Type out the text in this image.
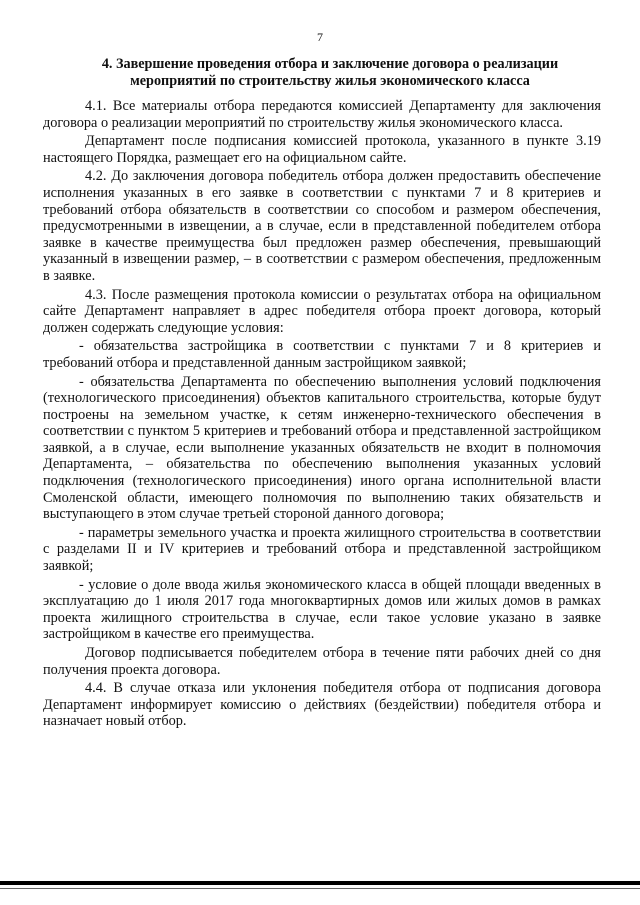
7
4. Завершение проведения отбора и заключение договора о реализации мероприятий по строительству жилья экономического класса

4.1. Все материалы отбора передаются комиссией Департаменту для заключения договора о реализации мероприятий по строительству жилья экономического класса.

Департамент после подписания комиссией протокола, указанного в пункте 3.19 настоящего Порядка, размещает его на официальном сайте.

4.2. До заключения договора победитель отбора должен предоставить обеспечение исполнения указанных в его заявке в соответствии с пунктами 7 и 8 критериев и требований отбора обязательств в соответствии со способом и размером обеспечения, предусмотренными в извещении, а в случае, если в представленной победителем отбора заявке в качестве преимущества был предложен размер обеспечения, превышающий указанный в извещении размер, – в соответствии с размером обеспечения, предложенным в заявке.

4.3. После размещения протокола комиссии о результатах отбора на официальном сайте Департамент направляет в адрес победителя отбора проект договора, который должен содержать следующие условия:

- обязательства застройщика в соответствии с пунктами 7 и 8 критериев и требований отбора и представленной данным застройщиком заявкой;

- обязательства Департамента по обеспечению выполнения условий подключения (технологического присоединения) объектов капитального строительства, которые будут построены на земельном участке, к сетям инженерно-технического обеспечения в соответствии с пунктом 5 критериев и требований отбора и представленной застройщиком заявкой, а в случае, если выполнение указанных обязательств не входит в полномочия Департамента, – обязательства по обеспечению выполнения указанных условий подключения (технологического присоединения) иного органа исполнительной власти Смоленской области, имеющего полномочия по выполнению таких обязательств и выступающего в этом случае третьей стороной данного договора;

- параметры земельного участка и проекта жилищного строительства в соответствии с разделами II и IV критериев и требований отбора и представленной застройщиком заявкой;

- условие о доле ввода жилья экономического класса в общей площади введенных в эксплуатацию до 1 июля 2017 года многоквартирных домов или жилых домов в рамках проекта жилищного строительства в случае, если такое условие указано в заявке застройщиком в качестве его преимущества.

Договор подписывается победителем отбора в течение пяти рабочих дней со дня получения проекта договора.

4.4. В случае отказа или уклонения победителя отбора от подписания договора Департамент информирует комиссию о действиях (бездействии) победителя отбора и назначает новый отбор.
